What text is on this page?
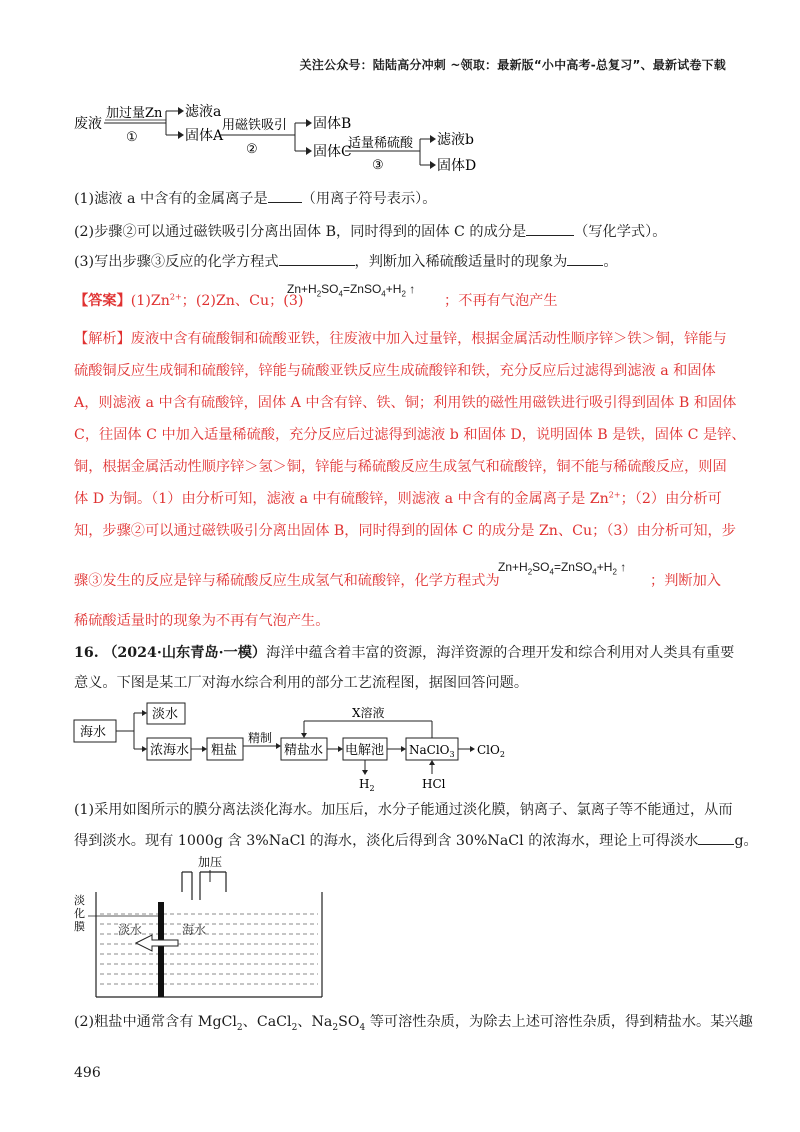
关注公众号：陆陆高分冲刺 ~领取：最新版“小中高考-总复习”、最新试卷下载
废液
加过量Zn
①
滤液a
固体A
用磁铁吸引
②
固体B
固体C
适量稀硫酸
③
滤液b
固体D
(1)滤液 a 中含有的金属离子是 （用离子符号表示）。
(2)步骤②可以通过磁铁吸引分离出固体 B，同时得到的固体 C 的成分是	（写化学式）。
(3)写出步骤③反应的化学方程式	，判断加入稀硫酸适量时的现象为	。
【答案】$(1)Zn^{2+}$；(2)Zn、Cu；(3)
$Zn+H_2SO_4=ZnSO_4+H_2$ ↑
；不再有气泡产生
【解析】废液中含有硫酸铜和硫酸亚铁，往废液中加入过量锌，根据金属活动性顺序锌＞铁＞铜，锌能与
硫酸铜反应生成铜和硫酸锌，锌能与硫酸亚铁反应生成硫酸锌和铁，充分反应后过滤得到滤液 a 和固体
A，则滤液 a 中含有硫酸锌，固体 A 中含有锌、铁、铜；利用铁的磁性用磁铁进行吸引得到固体 B 和固体
C，往固体 C 中加入适量稀硫酸，充分反应后过滤得到滤液 b 和固体 D，说明固体 B 是铁，固体 C 是锌、
铜，根据金属活动性顺序锌＞氢＞铜，锌能与稀硫酸反应生成氢气和硫酸锌，铜不能与稀硫酸反应，则固
体 D 为铜。（1）由分析可知，滤液 a 中有硫酸锌，则滤液 a 中含有的金属离子是 $Zn^{2+}$；（2）由分析可
知，步骤②可以通过磁铁吸引分离出固体 B，同时得到的固体 C 的成分是 Zn、Cu；（3）由分析可知，步
骤③发生的反应是锌与稀硫酸反应生成氢气和硫酸锌，化学方程式为
$Zn+H_2SO_4=ZnSO_4+H_2$ ↑
；判断加入
稀硫酸适量时的现象为不再有气泡产生。
16. （2024·山东青岛·一模）海洋中蕴含着丰富的资源，海洋资源的合理开发和综合利用对人类具有重要
意义。下图是某工厂对海水综合利用的部分工艺流程图，据图回答问题。
海水
淡水
浓海水 粗盐
精制
精盐水 电解池 NaClO$_3$ ClO$_2$
X溶液
$H_2$	HCl
(1)采用如图所示的膜分离法淡化海水。加压后，水分子能通过淡化膜，钠离子、氯离子等不能通过，从而
得到淡水。现有 1000g 含 3%NaCl 的海水，淡化后得到含 30%NaCl 的浓海水，理论上可得淡水	g。
加压
淡化膜	淡水	海水
(2)粗盐中通常含有 MgCl$_2$、CaCl$_2$、$Na_2SO_4$ 等可溶性杂质，为除去上述可溶性杂质，得到精盐水。某兴趣
496
